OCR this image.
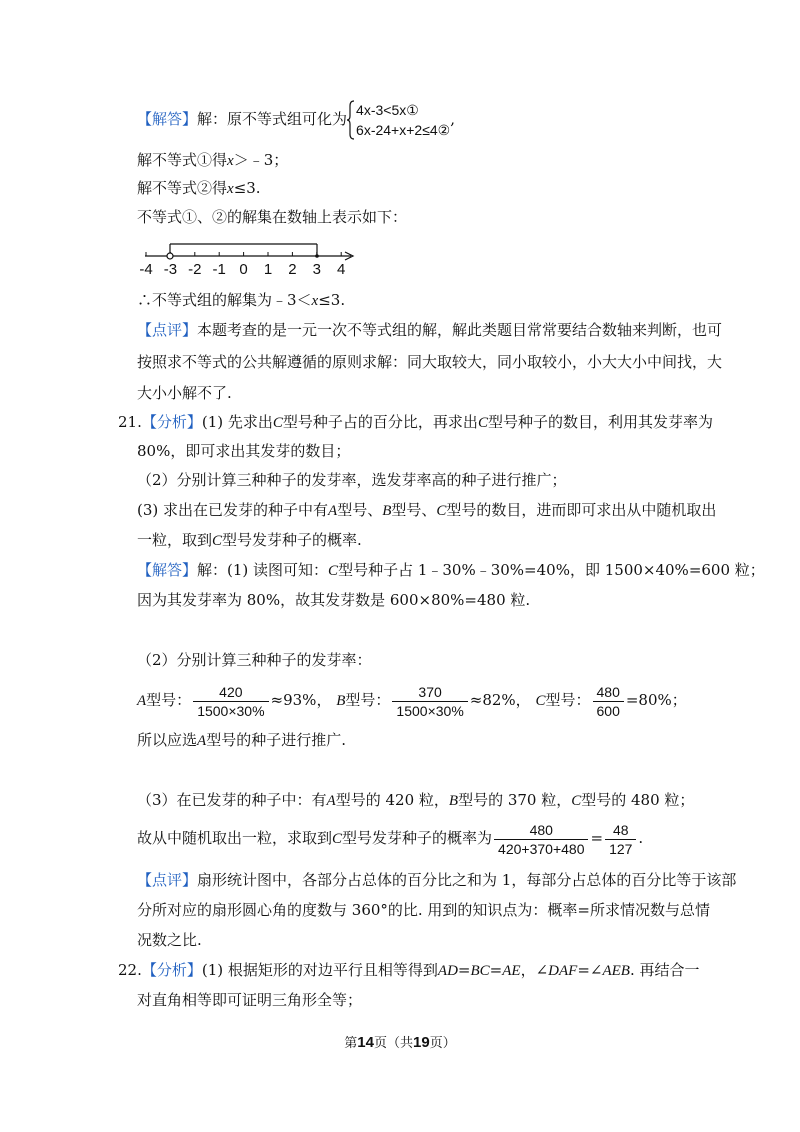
【解答】解：原不等式组可化为 4x-3<5x①
6x-24+x+2≤4②
,
解不等式①得x＞﹣3；
解不等式②得x≤3.
不等式①、②的解集在数轴上表示如下：
-4 -3 -2 -1 0 1 2 3 4
∴不等式组的解集为﹣3＜x≤3.
【点评】本题考查的是一元一次不等式组的解，解此类题目常常要结合数轴来判断，也可
按照求不等式的公共解遵循的原则求解：同大取较大，同小取较小，小大大小中间找，大
大小小解不了.
21.【分析】(1) 先求出C型号种子占的百分比，再求出C型号种子的数目，利用其发芽率为
80%，即可求出其发芽的数目；
（2）分别计算三种种子的发芽率，选发芽率高的种子进行推广；
(3) 求出在已发芽的种子中有A型号、B型号、C型号的数目，进而即可求出从中随机取出
一粒，取到C型号发芽种子的概率.
【解答】解：(1) 读图可知：C型号种子占 1﹣30%﹣30%=40%，即 1500×40%=600 粒；
因为其发芽率为 80%，故其发芽数是 600×80%=480 粒.
（2）分别计算三种种子的发芽率：
A型号： $\frac{420}{1500\times 30\%} \approx 93\%$， B型号： $\frac{370}{1500\times 30\%} \approx 82\%$， C型号： $\frac{480}{600} =80\%$；
所以应选A型号的种子进行推广.
（3）在已发芽的种子中：有A型号的 420 粒，B型号的 370 粒，C型号的 480 粒；
故从中随机取出一粒，求取到C型号发芽种子的概率为 $\frac{480}{420+370+480} = \frac{48}{127}$ .
【点评】扇形统计图中，各部分占总体的百分比之和为 1，每部分占总体的百分比等于该部
分所对应的扇形圆心角的度数与 360°的比. 用到的知识点为：概率=所求情况数与总情
况数之比.
22.【分析】(1) 根据矩形的对边平行且相等得到AD=BC=AE，∠DAF=∠AEB. 再结合一
对直角相等即可证明三角形全等；
第14页（共19页）
